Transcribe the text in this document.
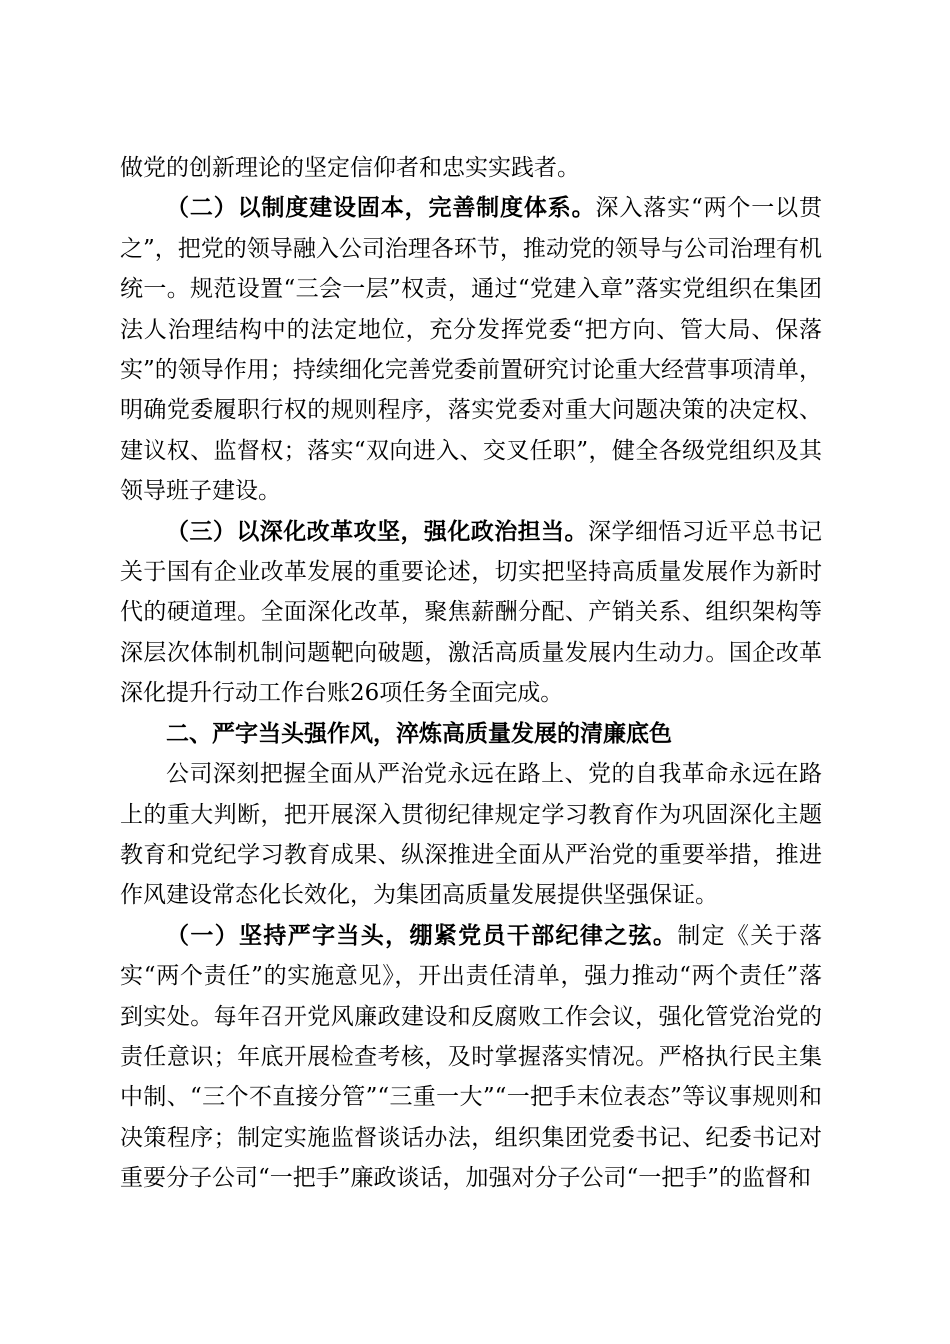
做党的创新理论的坚定信仰者和忠实实践者。

（二）以制度建设固本，完善制度体系。深入落实“两个一以贯之”，把党的领导融入公司治理各环节，推动党的领导与公司治理有机统一。规范设置“三会一层”权责，通过“党建入章”落实党组织在集团法人治理结构中的法定地位，充分发挥党委“把方向、管大局、保落实”的领导作用；持续细化完善党委前置研究讨论重大经营事项清单，明确党委履职行权的规则程序，落实党委对重大问题决策的决定权、建议权、监督权；落实“双向进入、交叉任职”，健全各级党组织及其领导班子建设。

（三）以深化改革攻坚，强化政治担当。深学细悟习近平总书记关于国有企业改革发展的重要论述，切实把坚持高质量发展作为新时代的硬道理。全面深化改革，聚焦薪酬分配、产销关系、组织架构等深层次体制机制问题靶向破题，激活高质量发展内生动力。国企改革深化提升行动工作台账26项任务全面完成。

二、严字当头强作风，淬炼高质量发展的清廉底色

公司深刻把握全面从严治党永远在路上、党的自我革命永远在路上的重大判断，把开展深入贯彻纪律规定学习教育作为巩固深化主题教育和党纪学习教育成果、纵深推进全面从严治党的重要举措，推进作风建设常态化长效化，为集团高质量发展提供坚强保证。

（一）坚持严字当头，绷紧党员干部纪律之弦。制定《关于落实“两个责任”的实施意见》，开出责任清单，强力推动“两个责任”落到实处。每年召开党风廉政建设和反腐败工作会议，强化管党治党的责任意识；年底开展检查考核，及时掌握落实情况。严格执行民主集中制、“三个不直接分管”“三重一大”“一把手末位表态”等议事规则和决策程序；制定实施监督谈话办法，组织集团党委书记、纪委书记对重要分子公司“一把手”廉政谈话，加强对分子公司“一把手”的监督和
